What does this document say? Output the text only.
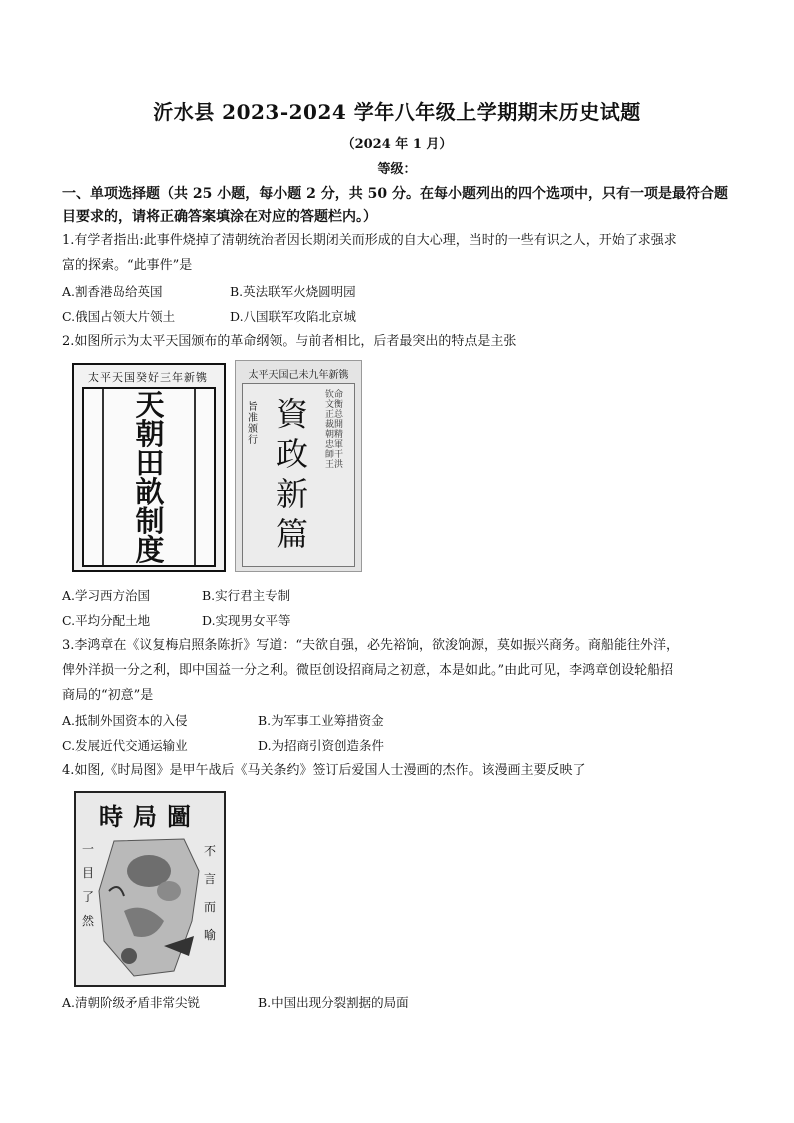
沂水县 2023-2024 学年八年级上学期期末历史试题
（2024 年 1 月）
等级：
一、单项选择题（共 25 小题，每小题 2 分，共 50 分。在每小题列出的四个选项中，只有一项是最符合题目要求的，请将正确答案填涂在对应的答题栏内。）
1.有学者指出:此事件烧掉了清朝统治者因长期闭关而形成的自大心理，当时的一些有识之人，开始了求强求
富的探索。“此事件”是
A.割香港岛给英国	B.英法联军火烧圆明园
C.俄国占领大片领土	D.八国联军攻陷北京城
2.如图所示为太平天国颁布的革命纲领。与前者相比，后者最突出的特点是主张
太平天国癸好三年新镌
天
朝
田
畝
制
度
太平天国己未九年新镌
旨准颁行
資
政
新
篇
钦命文衡正总裁開朝精忠軍師干王洪
A.学习西方治国	B.实行君主专制
C.平均分配土地	D.实现男女平等
3.李鸿章在《议复梅启照条陈折》写道：“夫欲自强，必先裕饷，欲浚饷源，莫如振兴商务。商船能往外洋，
俾外洋损一分之利，即中国益一分之利。微臣创设招商局之初意，本是如此。”由此可见，李鸿章创设轮船招
商局的“初意”是
A.抵制外国资本的入侵	B.为军事工业筹措资金
C.发展近代交通运输业	D.为招商引资创造条件
4.如图,《时局图》是甲午战后《马关条约》签订后爱国人士漫画的杰作。该漫画主要反映了
時局圖
一目了然
不言而喻
A.清朝阶级矛盾非常尖锐	B.中国出现分裂割据的局面
